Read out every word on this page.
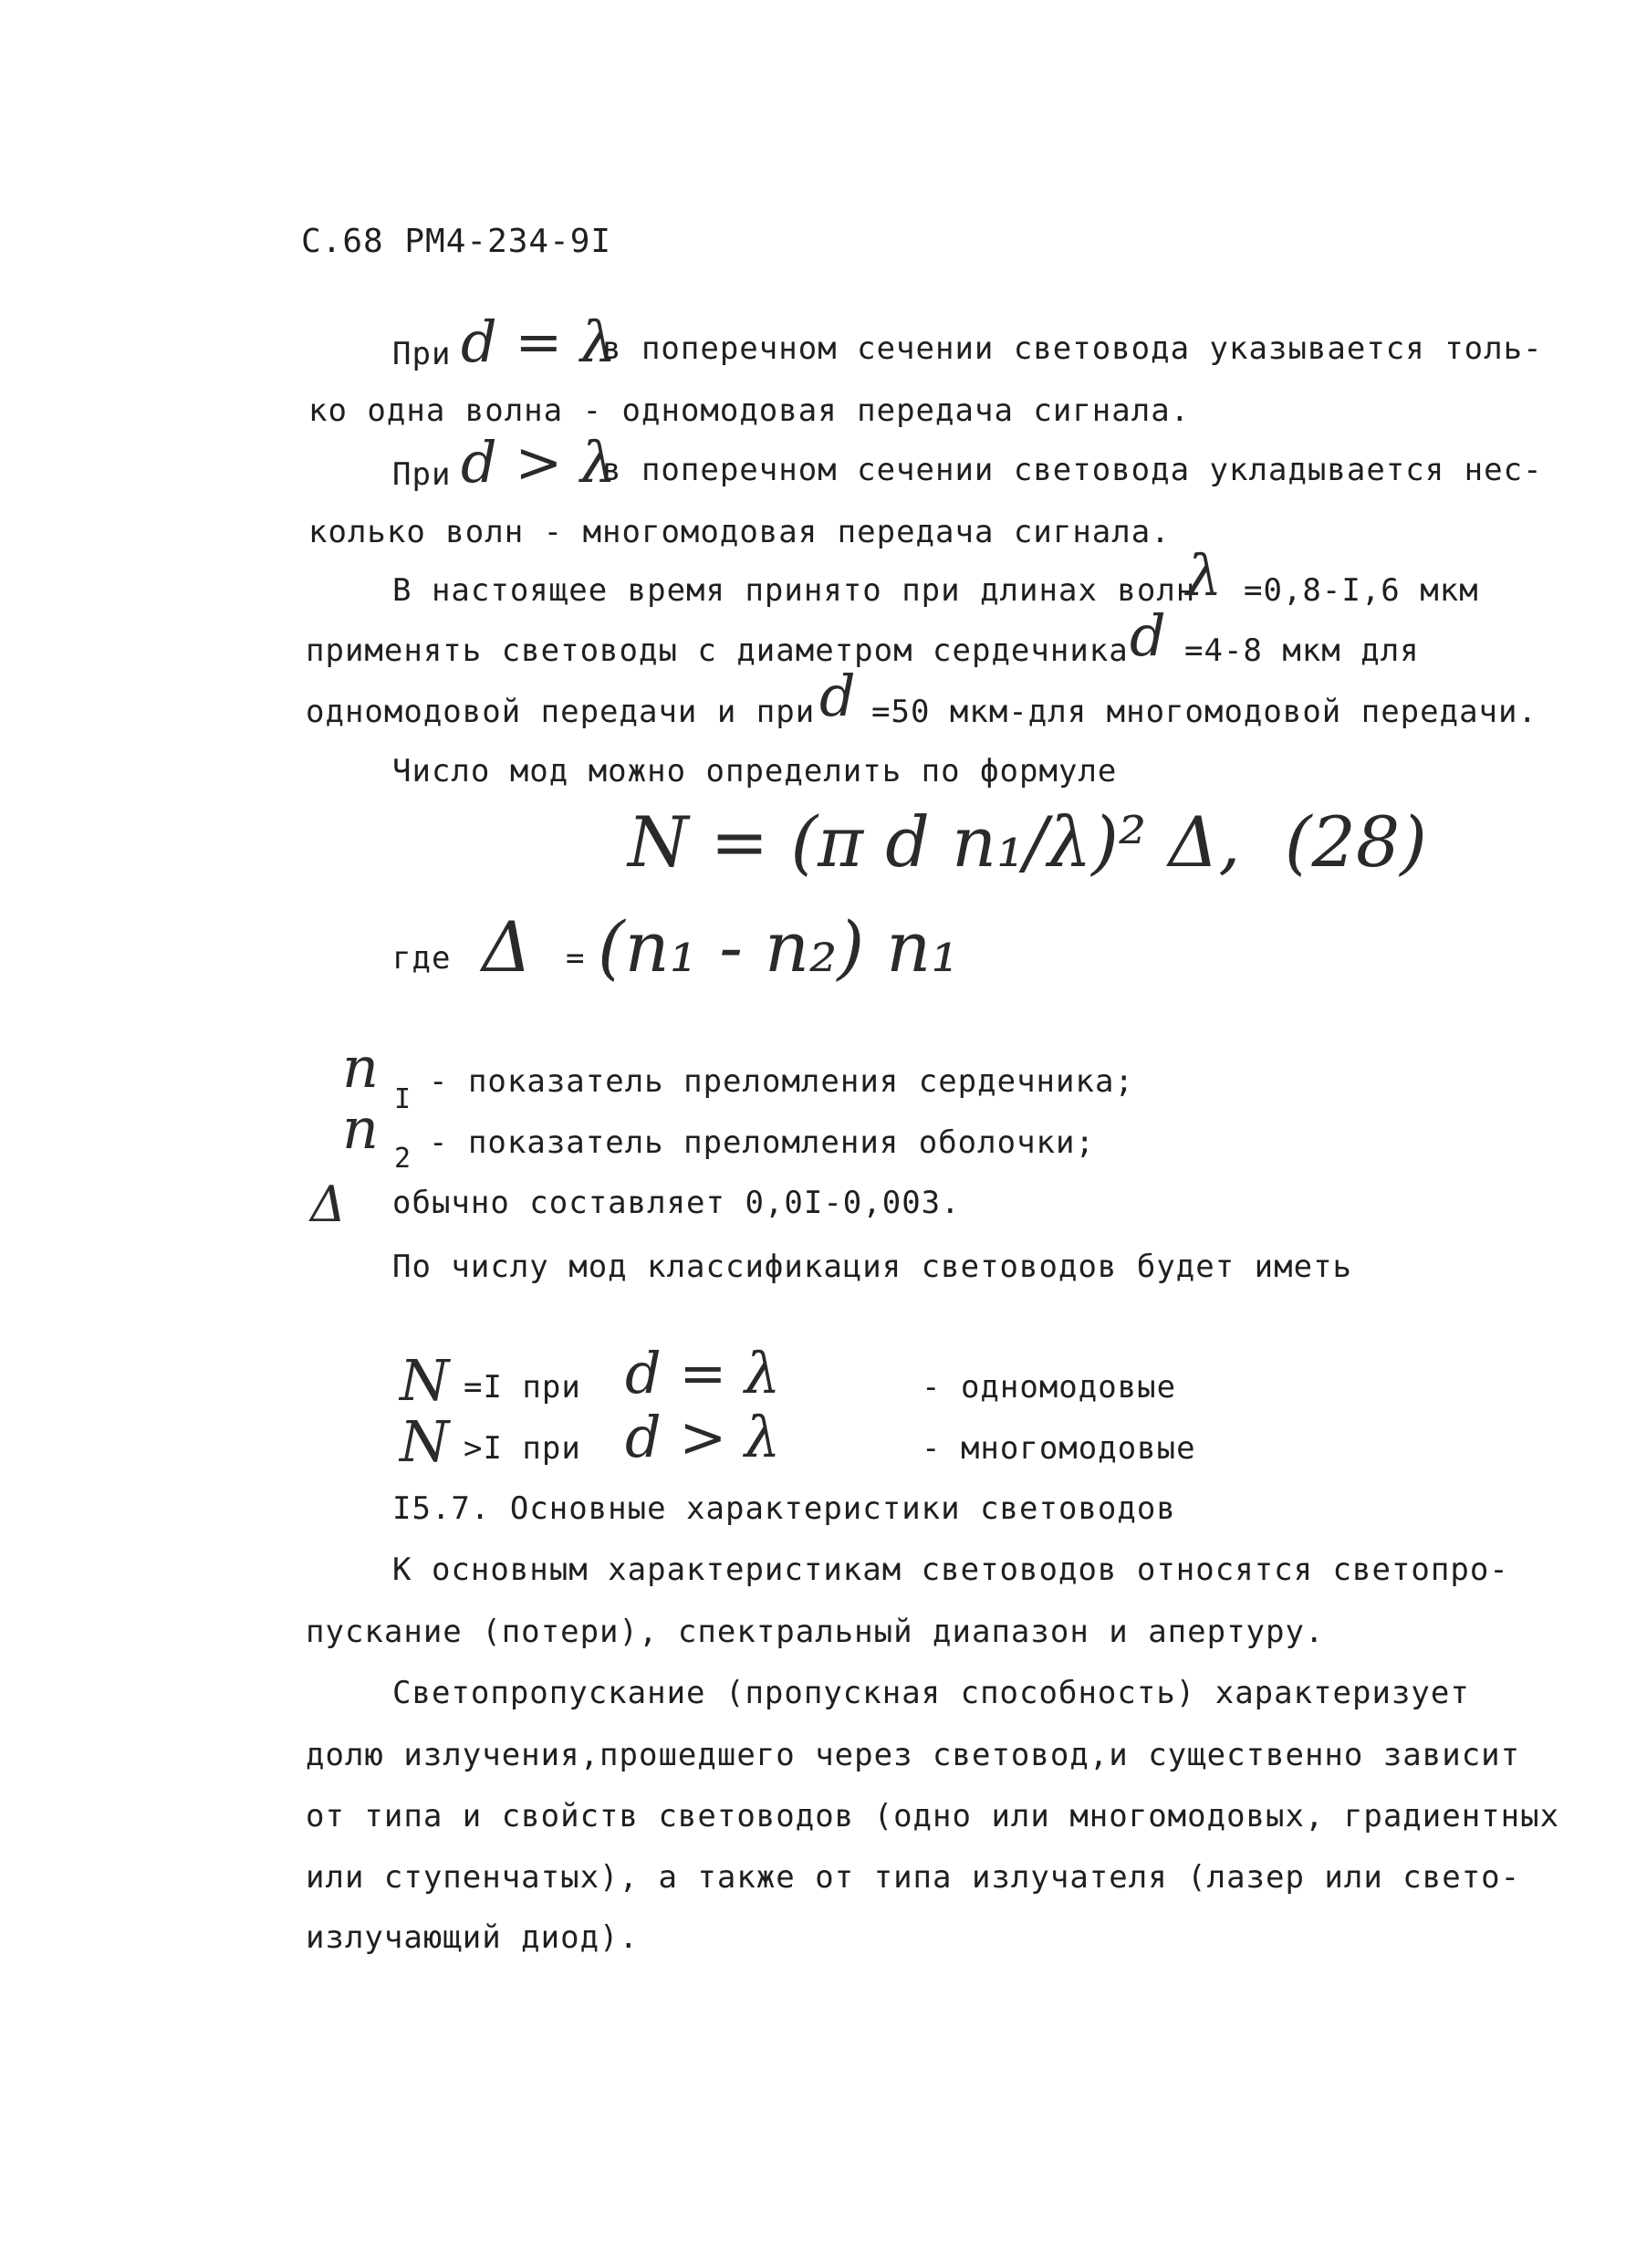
С.68 РМ4-234-9I
При d = λ
в поперечном сечении световода указывается толь-
ко одна волна - одномодовая передача сигнала.
При d > λ
в поперечном сечении световода укладывается нес-
колько волн - многомодовая передача сигнала.
В настоящее время принято при длинах волн
λ =0,8-I,6 мкм
применять световоды с диаметром сердечника d =4-8 мкм для
одномодовой передачи и при d =50 мкм-для многомодовой передачи.
Число мод можно определить по формуле
N = (π d n₁/λ)² Δ,  (28)
где Δ = (n₁ - n₂) n₁
n I - показатель преломления сердечника;
n 2 - показатель преломления оболочки;
Δ обычно составляет 0,0I-0,003.
По числу мод классификация световодов будет иметь
N =I при d = λ	- одномодовые
N >I при d > λ	- многомодовые
I5.7. Основные характеристики световодов
К основным характеристикам световодов относятся светопро-
пускание (потери), спектральный диапазон и апертуру.
Светопропускание (пропускная способность) характеризует
долю излучения,прошедшего через световод,и существенно зависит
от типа и свойств световодов (одно или многомодовых, градиентных
или ступенчатых), а также от типа излучателя (лазер или свето-
излучающий диод).
